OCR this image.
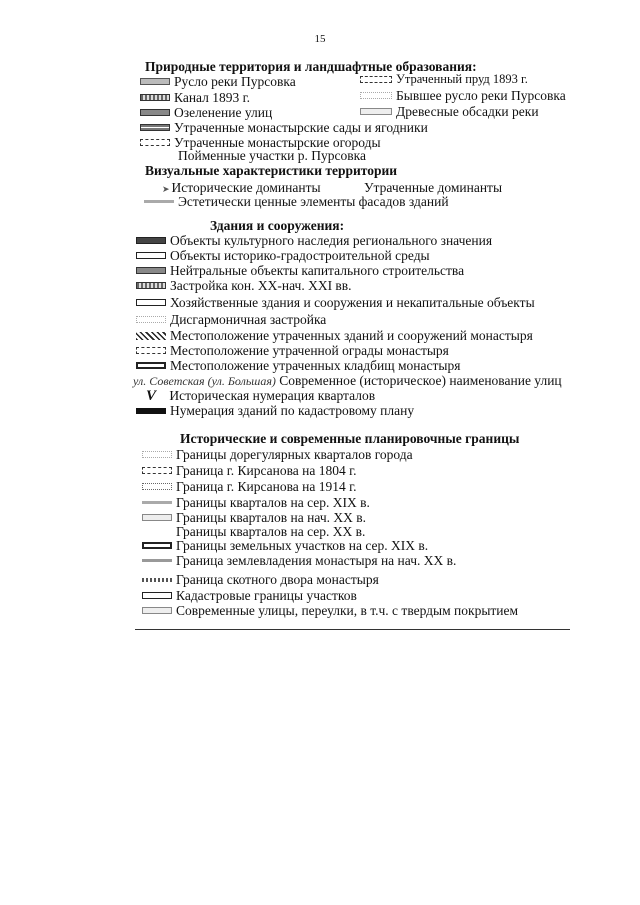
15
Природные территория и ландшафтные образования:
Русло реки Пурсовка	Утраченный пруд 1893 г.
Канал 1893 г.	Бывшее русло реки Пурсовка
Озеленение улиц	Древесные обсадки реки
Утраченные монастырские сады и ягодники
Утраченные монастырские огороды
Пойменные участки р. Пурсовка
Визуальные характеристики территории
➤ Исторические доминанты	Утраченные доминанты
Эстетически ценные элементы фасадов зданий
Здания и сооружения:
Объекты культурного наследия регионального значения
Объекты историко-градостроительной среды
Нейтральные объекты капитального строительства
Застройка кон. XX-нач. XXI вв.
Хозяйственные здания и сооружения и некапитальные объекты
Дисгармоничная застройка
Местоположение утраченных зданий и сооружений монастыря
Местоположение утраченной ограды монастыря
Местоположение утраченных кладбищ монастыря
ул. Советская (ул. Большая) Современное (историческое) наименование улиц
V Историческая нумерация кварталов
Нумерация зданий по кадастровому плану
Исторические и современные планировочные границы
Границы дорегулярных кварталов города
Граница г. Кирсанова на 1804 г.
Граница г. Кирсанова на 1914 г.
Границы кварталов на сер. XIX в.
Границы кварталов на нач. XX в.
Границы кварталов на сер. XX в.
Границы земельных участков на сер. XIX в.
Граница землевладения монастыря на нач. XX в.
Граница скотного двора монастыря
Кадастровые границы участков
Современные улицы, переулки, в т.ч. с твердым покрытием
